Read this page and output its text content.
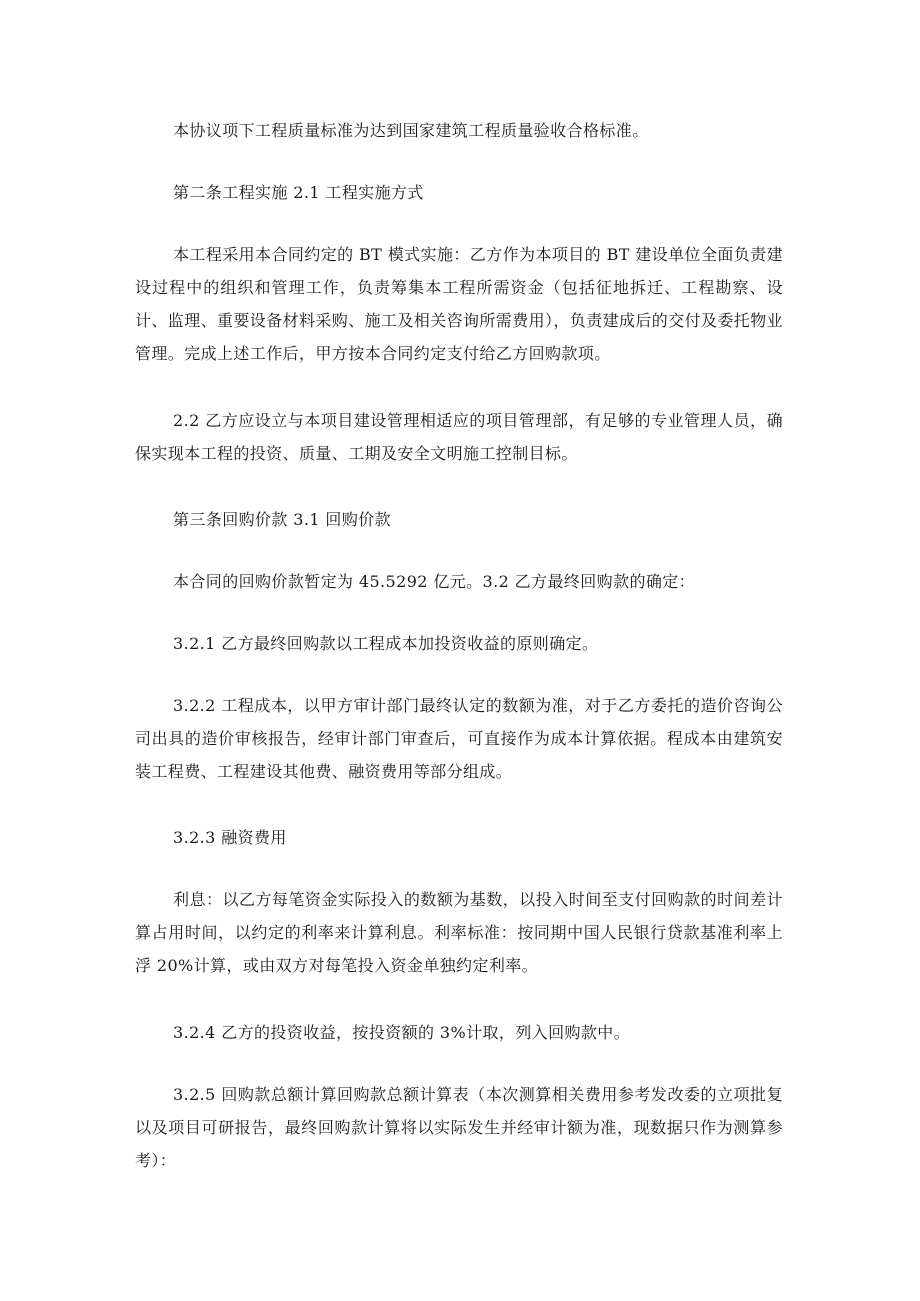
本协议项下工程质量标准为达到国家建筑工程质量验收合格标准。

第二条工程实施 2.1 工程实施方式

本工程采用本合同约定的 BT 模式实施：乙方作为本项目的 BT 建设单位全面负责建设过程中的组织和管理工作，负责筹集本工程所需资金（包括征地拆迁、工程勘察、设计、监理、重要设备材料采购、施工及相关咨询所需费用），负责建成后的交付及委托物业管理。完成上述工作后，甲方按本合同约定支付给乙方回购款项。

2.2 乙方应设立与本项目建设管理相适应的项目管理部，有足够的专业管理人员，确保实现本工程的投资、质量、工期及安全文明施工控制目标。

第三条回购价款 3.1 回购价款

本合同的回购价款暂定为 45.5292 亿元。3.2 乙方最终回购款的确定：

3.2.1 乙方最终回购款以工程成本加投资收益的原则确定。

3.2.2 工程成本，以甲方审计部门最终认定的数额为准，对于乙方委托的造价咨询公司出具的造价审核报告，经审计部门审查后，可直接作为成本计算依据。程成本由建筑安装工程费、工程建设其他费、融资费用等部分组成。

3.2.3 融资费用

利息：以乙方每笔资金实际投入的数额为基数，以投入时间至支付回购款的时间差计算占用时间，以约定的利率来计算利息。利率标准：按同期中国人民银行贷款基准利率上浮 20%计算，或由双方对每笔投入资金单独约定利率。

3.2.4 乙方的投资收益，按投资额的 3%计取，列入回购款中。

3.2.5 回购款总额计算回购款总额计算表（本次测算相关费用参考发改委的立项批复以及项目可研报告，最终回购款计算将以实际发生并经审计额为准，现数据只作为测算参考）：
